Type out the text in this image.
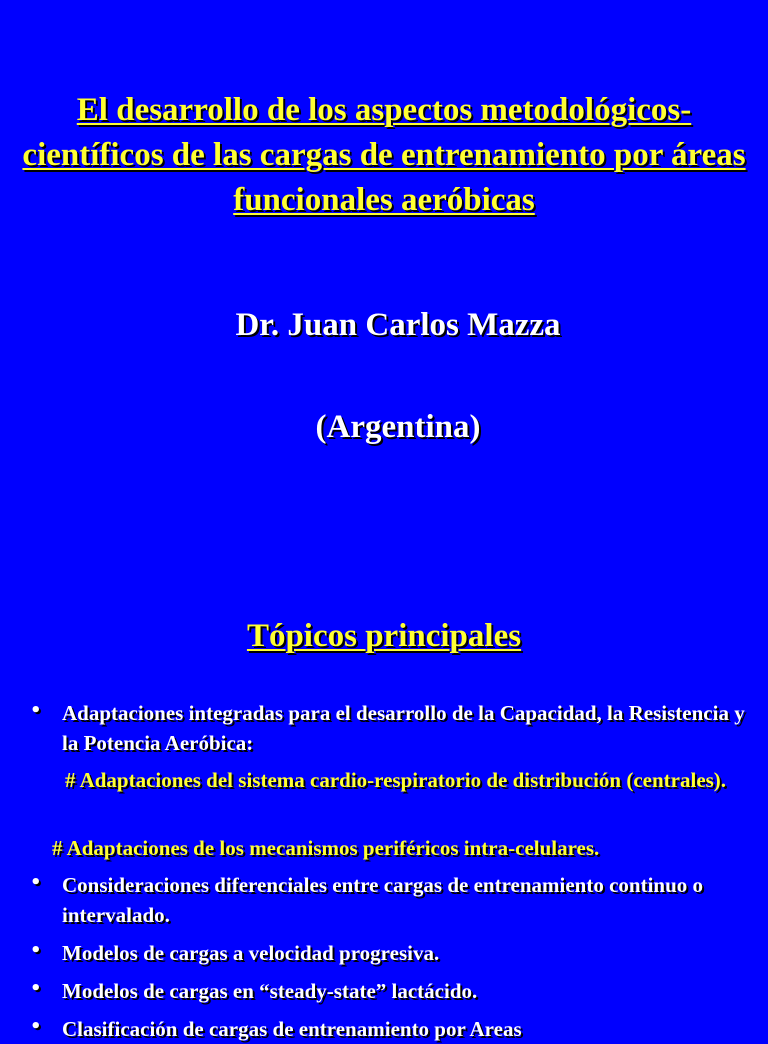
El desarrollo de los aspectos metodológicos-científicos de las cargas de entrenamiento por áreas funcionales aeróbicas
Dr. Juan Carlos Mazza
(Argentina)
Tópicos principales
• Adaptaciones integradas para el desarrollo de la Capacidad, la Resistencia y la Potencia Aeróbica:
# Adaptaciones del sistema cardio-respiratorio de distribución (centrales).
# Adaptaciones de los mecanismos periféricos intra-celulares.
• Consideraciones diferenciales entre cargas de entrenamiento continuo o intervalado.
• Modelos de cargas a velocidad progresiva.
• Modelos de cargas en “steady-state” lactácido.
• Clasificación de cargas de entrenamiento por Areas
